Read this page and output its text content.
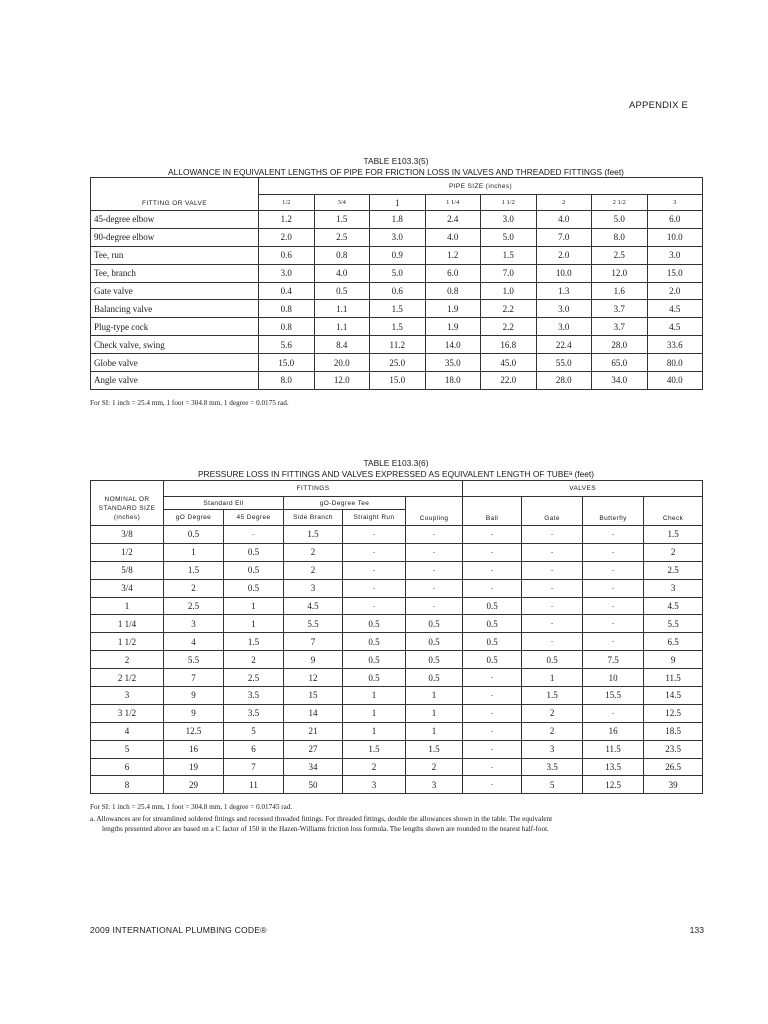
APPENDIX E
TABLE E103.3(5)
ALLOWANCE IN EQUIVALENT LENGTHS OF PIPE FOR FRICTION LOSS IN VALVES AND THREADED FITTINGS (feet)
FITTING OR VALVE	PIPE SIZE (inches)							
	1/2	3/4	1	1 1/4	1 1/2	2	2 1/2	3
45-degree elbow	1.2	1.5	1.8	2.4	3.0	4.0	5.0	6.0
90-degree elbow	2.0	2.5	3.0	4.0	5.0	7.0	8.0	10.0
Tee, run	0.6	0.8	0.9	1.2	1.5	2.0	2.5	3.0
Tee, branch	3.0	4.0	5.0	6.0	7.0	10.0	12.0	15.0
Gate valve	0.4	0.5	0.6	0.8	1.0	1.3	1.6	2.0
Balancing valve	0.8	1.1	1.5	1.9	2.2	3.0	3.7	4.5
Plug-type cock	0.8	1.1	1.5	1.9	2.2	3.0	3.7	4.5
Check valve, swing	5.6	8.4	11.2	14.0	16.8	22.4	28.0	33.6
Globe valve	15.0	20.0	25.0	35.0	45.0	55.0	65.0	80.0
Angle valve	8.0	12.0	15.0	18.0	22.0	28.0	34.0	40.0
For SI: 1 inch = 25.4 mm, 1 foot = 304.8 mm, 1 degree = 0.0175 rad.
TABLE E103.3(6)
PRESSURE LOSS IN FITTINGS AND VALVES EXPRESSED AS EQUIVALENT LENGTH OF TUBEᵃ (feet)
NOMINAL OR STANDARD SIZE (inches)	FITTINGS					VALVES			
	Standard Ell		gO-Degree Tee		Coupling	Ball	Gate	Butterfly	Check
	gO Degree	45 Degree	Side Branch	Straight Run					
3/8	0.5	-	1.5	-	-	-	-	-	1.5
1/2	1	0.5	2	-	-	-	-	-	2
5/8	1.5	0.5	2	-	-	-	-	-	2.5
3/4	2	0.5	3	-	-	-	-	-	3
1	2.5	1	4.5	-	-	0.5	-	-	4.5
1 1/4	3	1	5.5	0.5	0.5	0.5	-	-	5.5
1 1/2	4	1.5	7	0.5	0.5	0.5	-	-	6.5
2	5.5	2	9	0.5	0.5	0.5	0.5	7.5	9
2 1/2	7	2.5	12	0.5	0.5	-	1	10	11.5
3	9	3.5	15	1	1	-	1.5	15.5	14.5
3 1/2	9	3.5	14	1	1	-	2	-	12.5
4	12.5	5	21	1	1	-	2	16	18.5
5	16	6	27	1.5	1.5	-	3	11.5	23.5
6	19	7	34	2	2	-	3.5	13.5	26.5
8	29	11	50	3	3	-	5	12.5	39
For SI: 1 inch = 25.4 mm, 1 foot = 304.8 mm, 1 degree = 0.01745 rad.
a. Allowances are for streamlined soldered fittings and recessed threaded fittings. For threaded fittings, double the allowances shown in the table. The equivalent
lengths presented above are based on a C factor of 150 in the Hazen-Williams friction loss formula. The lengths shown are rounded to the nearest half-foot.
2009 INTERNATIONAL PLUMBING CODE®	133
